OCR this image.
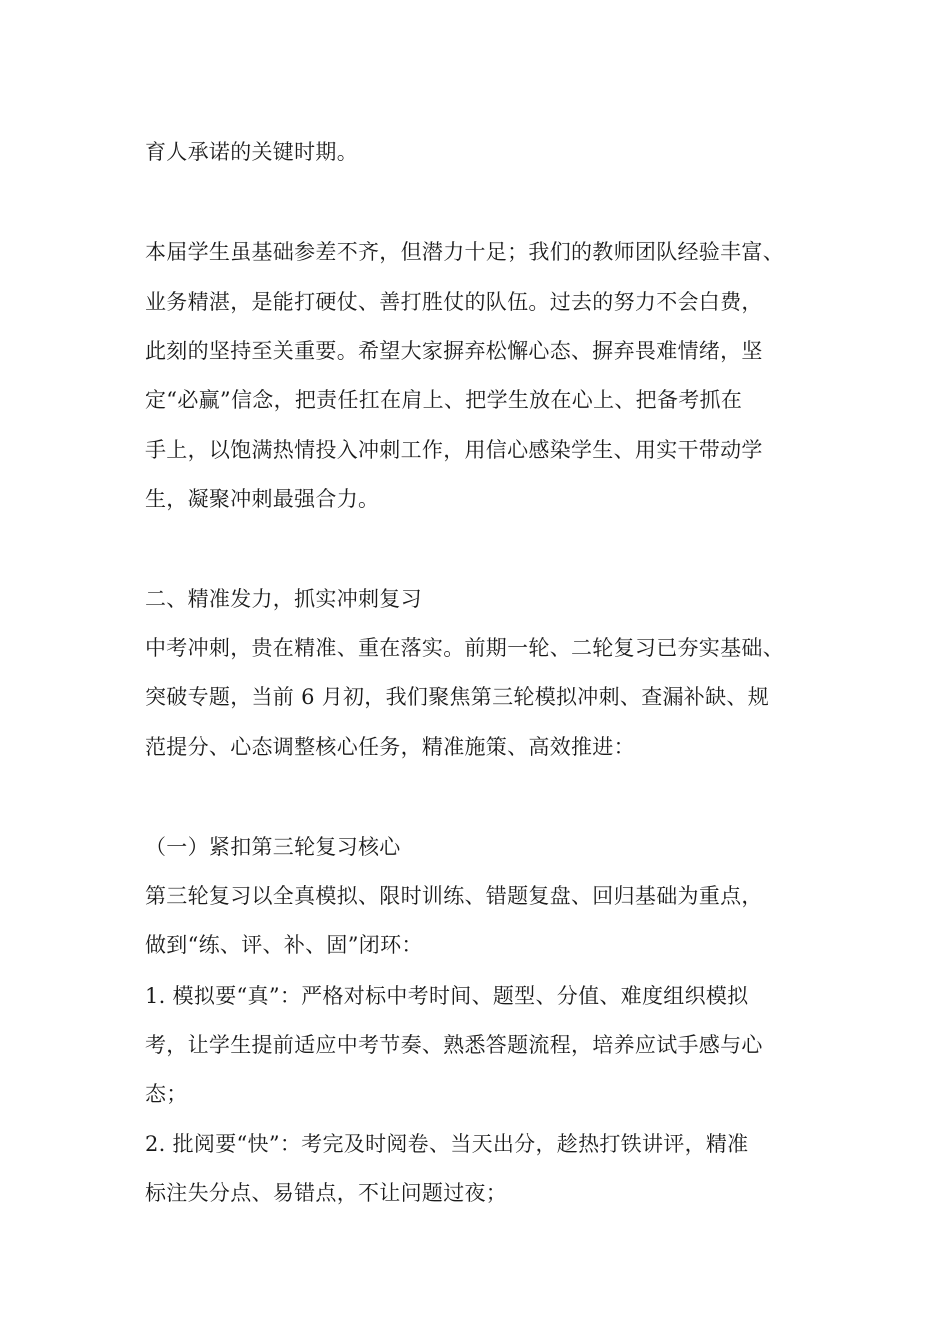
育人承诺的关键时期。
本届学生虽基础参差不齐，但潜力十足；我们的教师团队经验丰富、
业务精湛，是能打硬仗、善打胜仗的队伍。过去的努力不会白费，
此刻的坚持至关重要。希望大家摒弃松懈心态、摒弃畏难情绪，坚
定“必赢”信念，把责任扛在肩上、把学生放在心上、把备考抓在
手上，以饱满热情投入冲刺工作，用信心感染学生、用实干带动学
生，凝聚冲刺最强合力。
二、精准发力，抓实冲刺复习
中考冲刺，贵在精准、重在落实。前期一轮、二轮复习已夯实基础、
突破专题，当前 6 月初，我们聚焦第三轮模拟冲刺、查漏补缺、规
范提分、心态调整核心任务，精准施策、高效推进：
（一）紧扣第三轮复习核心
第三轮复习以全真模拟、限时训练、错题复盘、回归基础为重点，
做到“练、评、补、固”闭环：
1. 模拟要“真”：严格对标中考时间、题型、分值、难度组织模拟
考，让学生提前适应中考节奏、熟悉答题流程，培养应试手感与心
态；
2. 批阅要“快”：考完及时阅卷、当天出分，趁热打铁讲评，精准
标注失分点、易错点，不让问题过夜；
